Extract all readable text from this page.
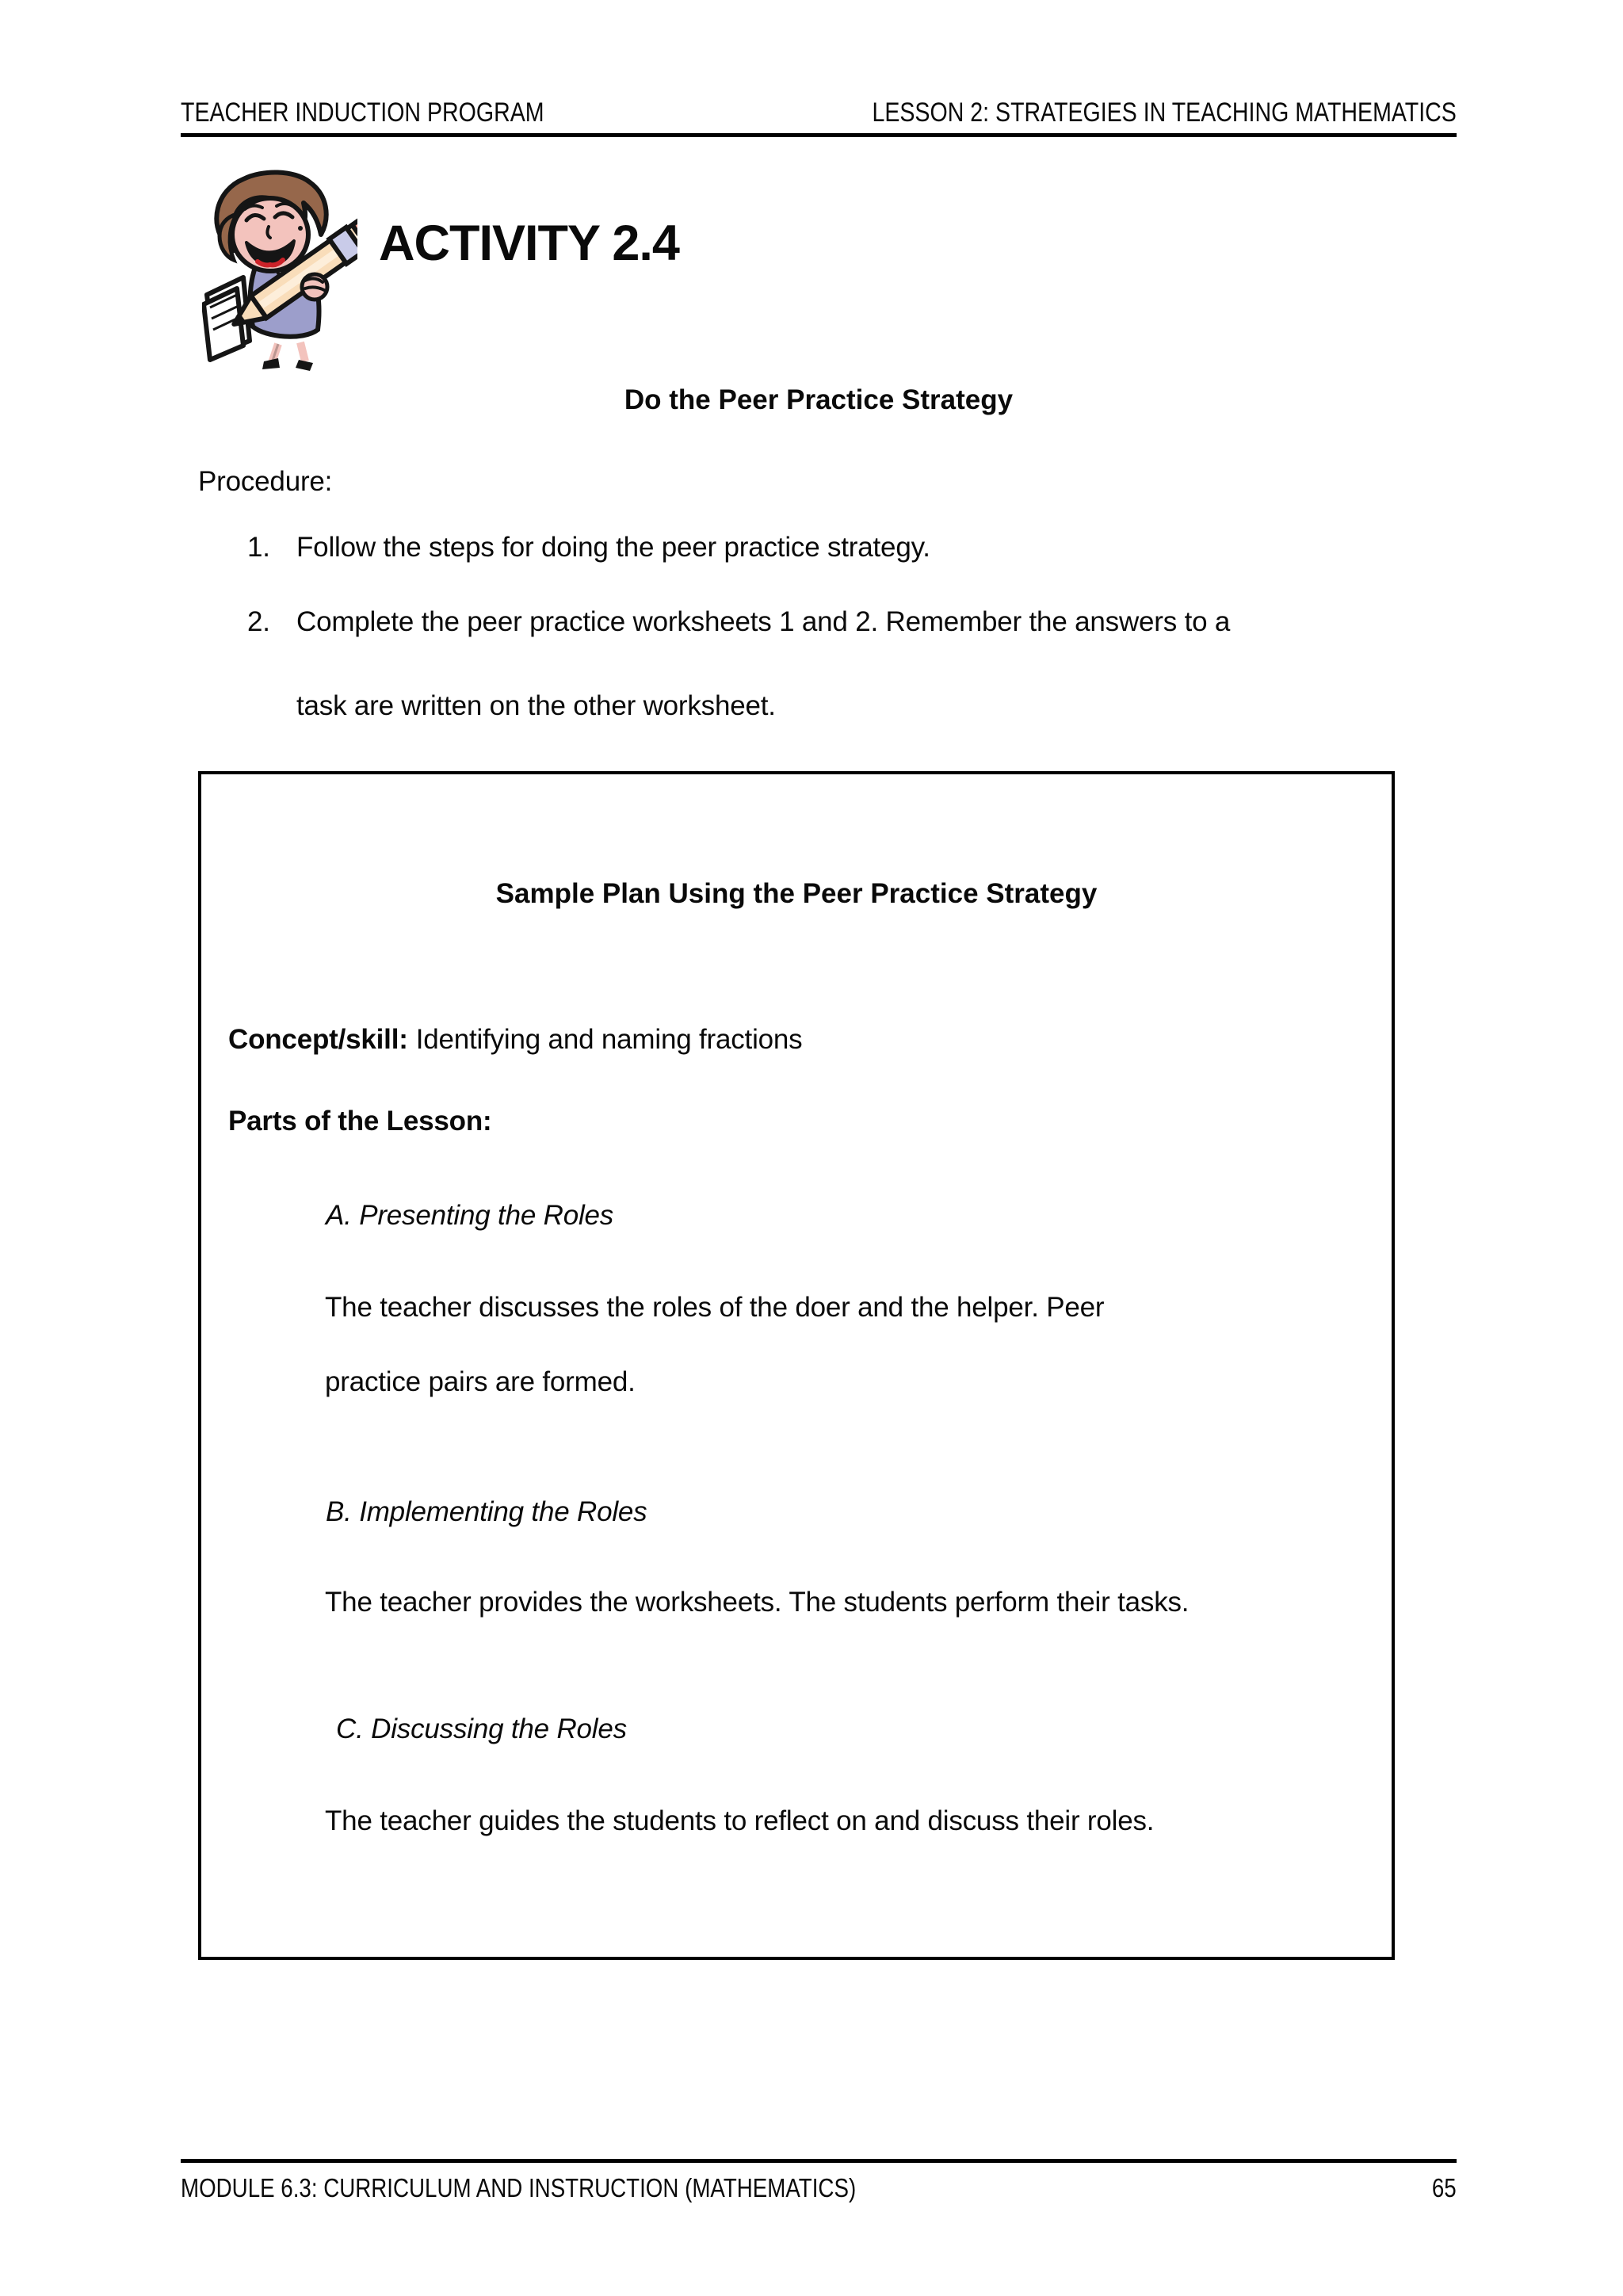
TEACHER INDUCTION PROGRAM	LESSON 2: STRATEGIES IN TEACHING MATHEMATICS
ACTIVITY 2.4
Do the Peer Practice Strategy
Procedure:
1. Follow the steps for doing the peer practice strategy.
2. Complete the peer practice worksheets 1 and 2. Remember the answers to a
task are written on the other worksheet.
Sample Plan Using the Peer Practice Strategy
Concept/skill: Identifying and naming fractions
Parts of the Lesson:
A. Presenting the Roles
The teacher discusses the roles of the doer and the helper. Peer
practice pairs are formed.
B. Implementing the Roles
The teacher provides the worksheets. The students perform their tasks.
C. Discussing the Roles
The teacher guides the students to reflect on and discuss their roles.
MODULE 6.3: CURRICULUM AND INSTRUCTION (MATHEMATICS)	65
